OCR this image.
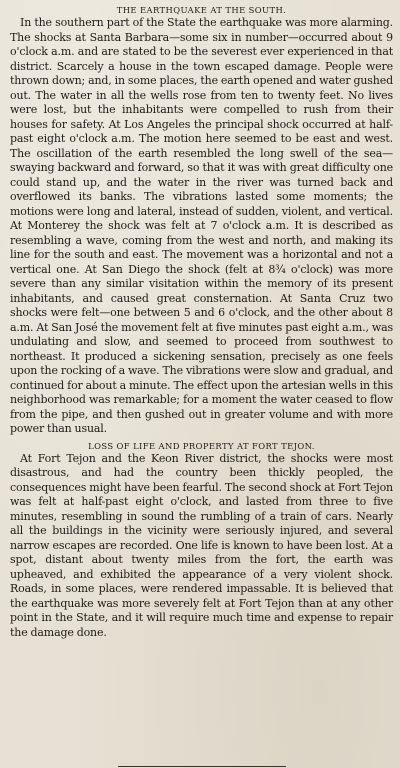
THE EARTHQUAKE AT THE SOUTH.

In the southern part of the State the earthquake was more alarming. The shocks at Santa Barbara—some six in number—occurred about 9 o'clock a.m. and are stated to be the severest ever experienced in that district. Scarcely a house in the town escaped damage. People were thrown down; and, in some places, the earth opened and water gushed out. The water in all the wells rose from ten to twenty feet. No lives were lost, but the inhabitants were compelled to rush from their houses for safety. At Los Angeles the principal shock occurred at half-past eight o'clock a.m. The motion here seemed to be east and west. The oscillation of the earth resembled the long swell of the sea—swaying backward and forward, so that it was with great difficulty one could stand up, and the water in the river was turned back and overflowed its banks. The vibrations lasted some moments; the motions were long and lateral, instead of sudden, violent, and vertical. At Monterey the shock was felt at 7 o'clock a.m. It is described as resembling a wave, coming from the west and north, and making its line for the south and east. The movement was a horizontal and not a vertical one. At San Diego the shock (felt at 8¾ o'clock) was more severe than any similar visitation within the memory of its present inhabitants, and caused great consternation. At Santa Cruz two shocks were felt—one between 5 and 6 o'clock, and the other about 8 a.m. At San José the movement felt at five minutes past eight a.m., was undulating and slow, and seemed to proceed from southwest to northeast. It produced a sickening sensation, precisely as one feels upon the rocking of a wave. The vibrations were slow and gradual, and continued for about a minute. The effect upon the artesian wells in this neighborhood was remarkable; for a moment the water ceased to flow from the pipe, and then gushed out in greater volume and with more power than usual.

LOSS OF LIFE AND PROPERTY AT FORT TEJON.

At Fort Tejon and the Keon River district, the shocks were most disastrous, and had the country been thickly peopled, the consequences might have been fearful. The second shock at Fort Tejon was felt at half-past eight o'clock, and lasted from three to five minutes, resembling in sound the rumbling of a train of cars. Nearly all the buildings in the vicinity were seriously injured, and several narrow escapes are recorded. One life is known to have been lost. At a spot, distant about twenty miles from the fort, the earth was upheaved, and exhibited the appearance of a very violent shock. Roads, in some places, were rendered impassable. It is believed that the earthquake was more severely felt at Fort Tejon than at any other point in the State, and it will require much time and expense to repair the damage done.
